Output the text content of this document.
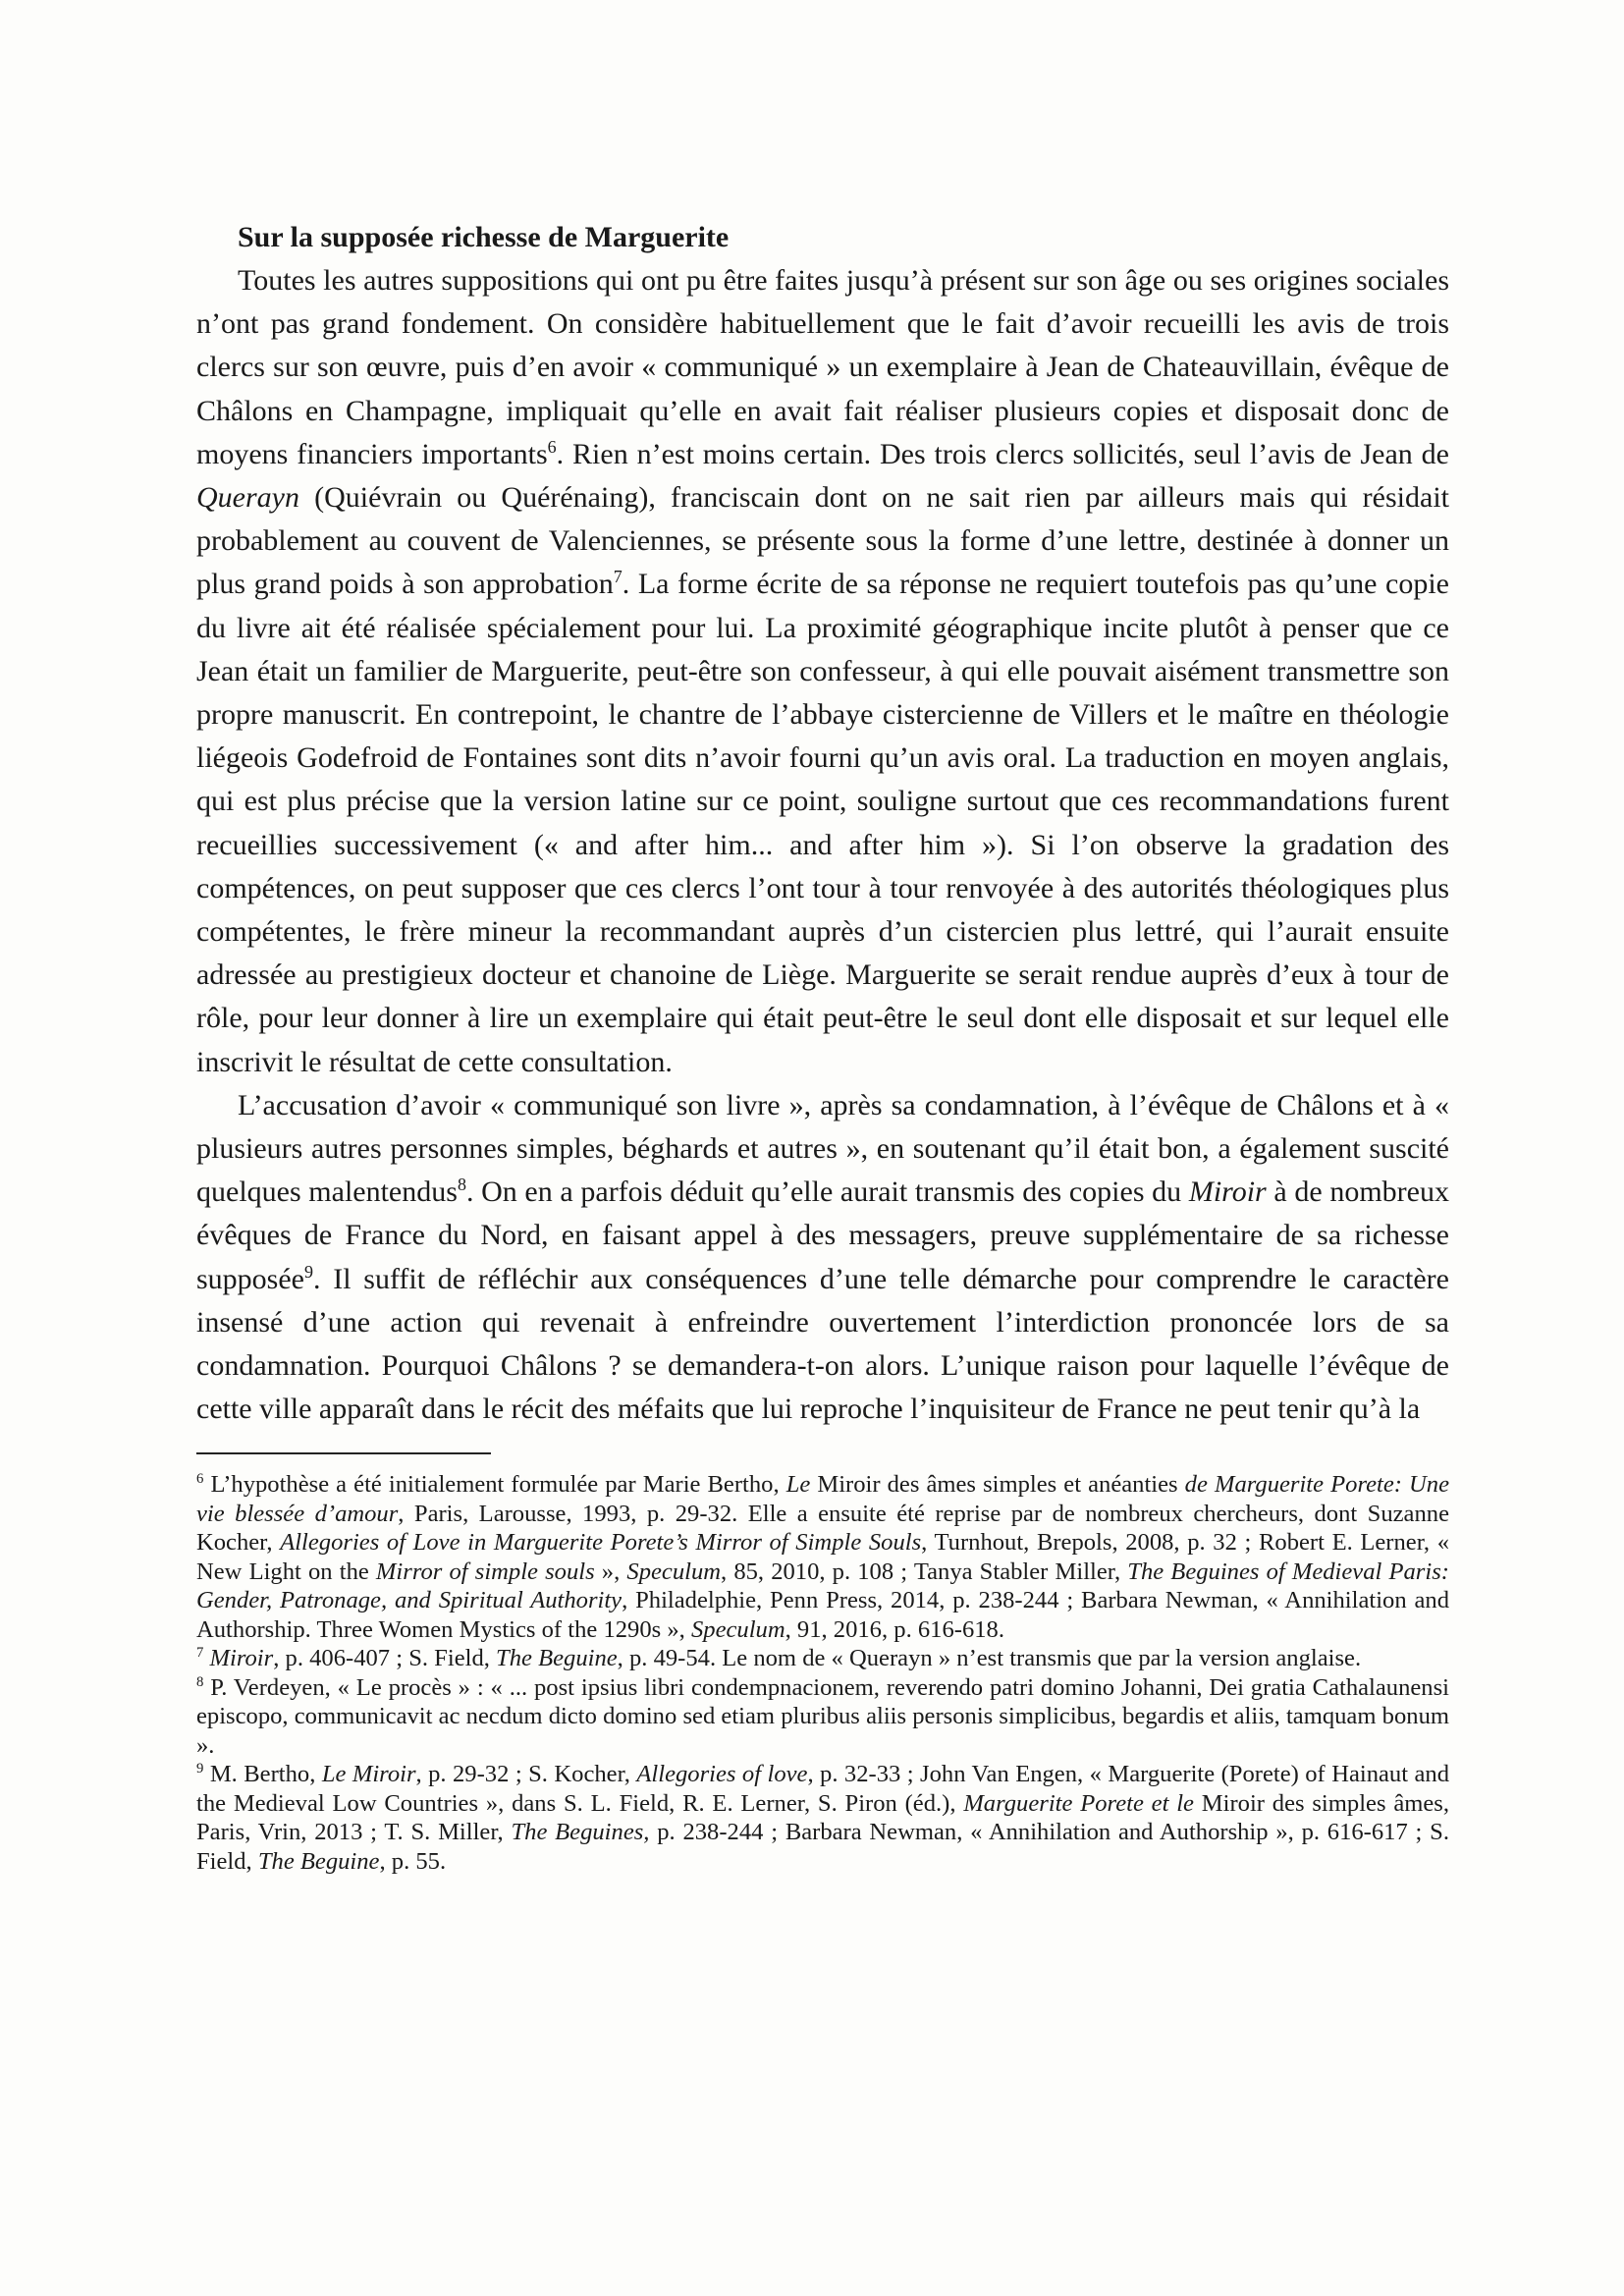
Sur la supposée richesse de Marguerite

Toutes les autres suppositions qui ont pu être faites jusqu’à présent sur son âge ou ses origines sociales n’ont pas grand fondement. On considère habituellement que le fait d’avoir recueilli les avis de trois clercs sur son œuvre, puis d’en avoir « communiqué » un exemplaire à Jean de Chateauvillain, évêque de Châlons en Champagne, impliquait qu’elle en avait fait réaliser plusieurs copies et disposait donc de moyens financiers importants$^6$. Rien n’est moins certain. Des trois clercs sollicités, seul l’avis de Jean de Querayn (Quiévrain ou Quérénaing), franciscain dont on ne sait rien par ailleurs mais qui résidait probablement au couvent de Valenciennes, se présente sous la forme d’une lettre, destinée à donner un plus grand poids à son approbation$^7$. La forme écrite de sa réponse ne requiert toutefois pas qu’une copie du livre ait été réalisée spécialement pour lui. La proximité géographique incite plutôt à penser que ce Jean était un familier de Marguerite, peut-être son confesseur, à qui elle pouvait aisément transmettre son propre manuscrit. En contrepoint, le chantre de l’abbaye cistercienne de Villers et le maître en théologie liégeois Godefroid de Fontaines sont dits n’avoir fourni qu’un avis oral. La traduction en moyen anglais, qui est plus précise que la version latine sur ce point, souligne surtout que ces recommandations furent recueillies successivement (« and after him... and after him »). Si l’on observe la gradation des compétences, on peut supposer que ces clercs l’ont tour à tour renvoyée à des autorités théologiques plus compétentes, le frère mineur la recommandant auprès d’un cistercien plus lettré, qui l’aurait ensuite adressée au prestigieux docteur et chanoine de Liège. Marguerite se serait rendue auprès d’eux à tour de rôle, pour leur donner à lire un exemplaire qui était peut-être le seul dont elle disposait et sur lequel elle inscrivit le résultat de cette consultation.

L’accusation d’avoir « communiqué son livre », après sa condamnation, à l’évêque de Châlons et à « plusieurs autres personnes simples, béghards et autres », en soutenant qu’il était bon, a également suscité quelques malentendus$^8$. On en a parfois déduit qu’elle aurait transmis des copies du Miroir à de nombreux évêques de France du Nord, en faisant appel à des messagers, preuve supplémentaire de sa richesse supposée$^9$. Il suffit de réfléchir aux conséquences d’une telle démarche pour comprendre le caractère insensé d’une action qui revenait à enfreindre ouvertement l’interdiction prononcée lors de sa condamnation. Pourquoi Châlons ? se demandera-t-on alors. L’unique raison pour laquelle l’évêque de cette ville apparaît dans le récit des méfaits que lui reproche l’inquisiteur de France ne peut tenir qu’à la

$^6$ L’hypothèse a été initialement formulée par Marie Bertho, Le Miroir des âmes simples et anéanties de Marguerite Porete: Une vie blessée d’amour, Paris, Larousse, 1993, p. 29-32. Elle a ensuite été reprise par de nombreux chercheurs, dont Suzanne Kocher, Allegories of Love in Marguerite Porete’s Mirror of Simple Souls, Turnhout, Brepols, 2008, p. 32 ; Robert E. Lerner, « New Light on the Mirror of simple souls », Speculum, 85, 2010, p. 108 ; Tanya Stabler Miller, The Beguines of Medieval Paris: Gender, Patronage, and Spiritual Authority, Philadelphie, Penn Press, 2014, p. 238-244 ; Barbara Newman, « Annihilation and Authorship. Three Women Mystics of the 1290s », Speculum, 91, 2016, p. 616-618.

$^7$ Miroir, p. 406-407 ; S. Field, The Beguine, p. 49-54. Le nom de « Querayn » n’est transmis que par la version anglaise.

$^8$ P. Verdeyen, « Le procès » : « ... post ipsius libri condempnacionem, reverendo patri domino Johanni, Dei gratia Cathalaunensi episcopo, communicavit ac necdum dicto domino sed etiam pluribus aliis personis simplicibus, begardis et aliis, tamquam bonum ».

$^9$ M. Bertho, Le Miroir, p. 29-32 ; S. Kocher, Allegories of love, p. 32-33 ; John Van Engen, « Marguerite (Porete) of Hainaut and the Medieval Low Countries », dans S. L. Field, R. E. Lerner, S. Piron (éd.), Marguerite Porete et le Miroir des simples âmes, Paris, Vrin, 2013 ; T. S. Miller, The Beguines, p. 238-244 ; Barbara Newman, « Annihilation and Authorship », p. 616-617 ; S. Field, The Beguine, p. 55.
